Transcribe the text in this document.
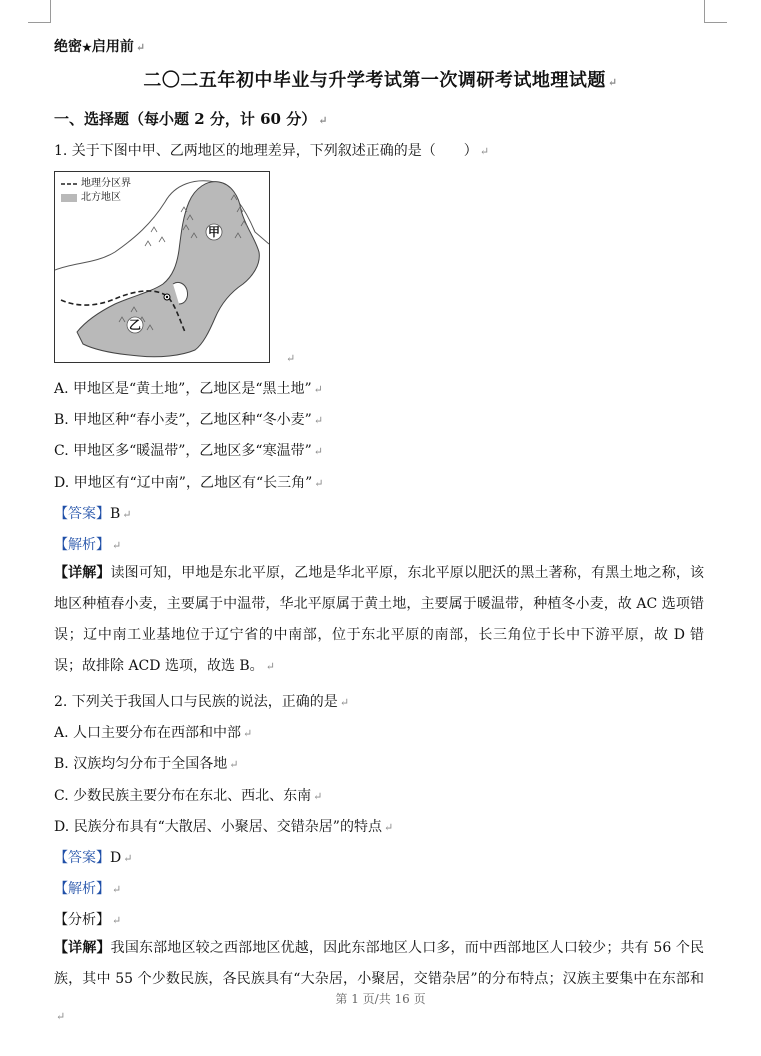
绝密★启用前 ↵
二〇二五年初中毕业与升学考试第一次调研考试地理试题 ↵
一、选择题（每小题 2 分，计 60 分） ↵
1. 关于下图中甲、乙两地区的地理差异，下列叙述正确的是（　　） ↵
地理分区界
北方地区
甲
乙
↵
A. 甲地区是“黄土地”，乙地区是“黑土地” ↵
B. 甲地区种“春小麦”，乙地区种“冬小麦” ↵
C. 甲地区多“暖温带”，乙地区多“寒温带” ↵
D. 甲地区有“辽中南”，乙地区有“长三角” ↵
【答案】B ↵
【解析】 ↵
【详解】读图可知，甲地是东北平原，乙地是华北平原，东北平原以肥沃的黑土著称，有黑土地之称，该地区种植春小麦，主要属于中温带，华北平原属于黄土地，主要属于暖温带，种植冬小麦，故 AC 选项错误；辽中南工业基地位于辽宁省的中南部，位于东北平原的南部，长三角位于长中下游平原，故 D 错误；故排除 ACD 选项，故选 B。 ↵
2. 下列关于我国人口与民族的说法，正确的是 ↵
A. 人口主要分布在西部和中部 ↵
B. 汉族均匀分布于全国各地 ↵
C. 少数民族主要分布在东北、西北、东南 ↵
D. 民族分布具有“大散居、小聚居、交错杂居”的特点 ↵
【答案】D ↵
【解析】 ↵
【分析】 ↵
【详解】我国东部地区较之西部地区优越，因此东部地区人口多，而中西部地区人口较少；共有 56 个民族，其中 55 个少数民族，各民族具有“大杂居，小聚居，交错杂居”的分布特点；汉族主要集中在东部和
第 1 页/共 16 页
↵
